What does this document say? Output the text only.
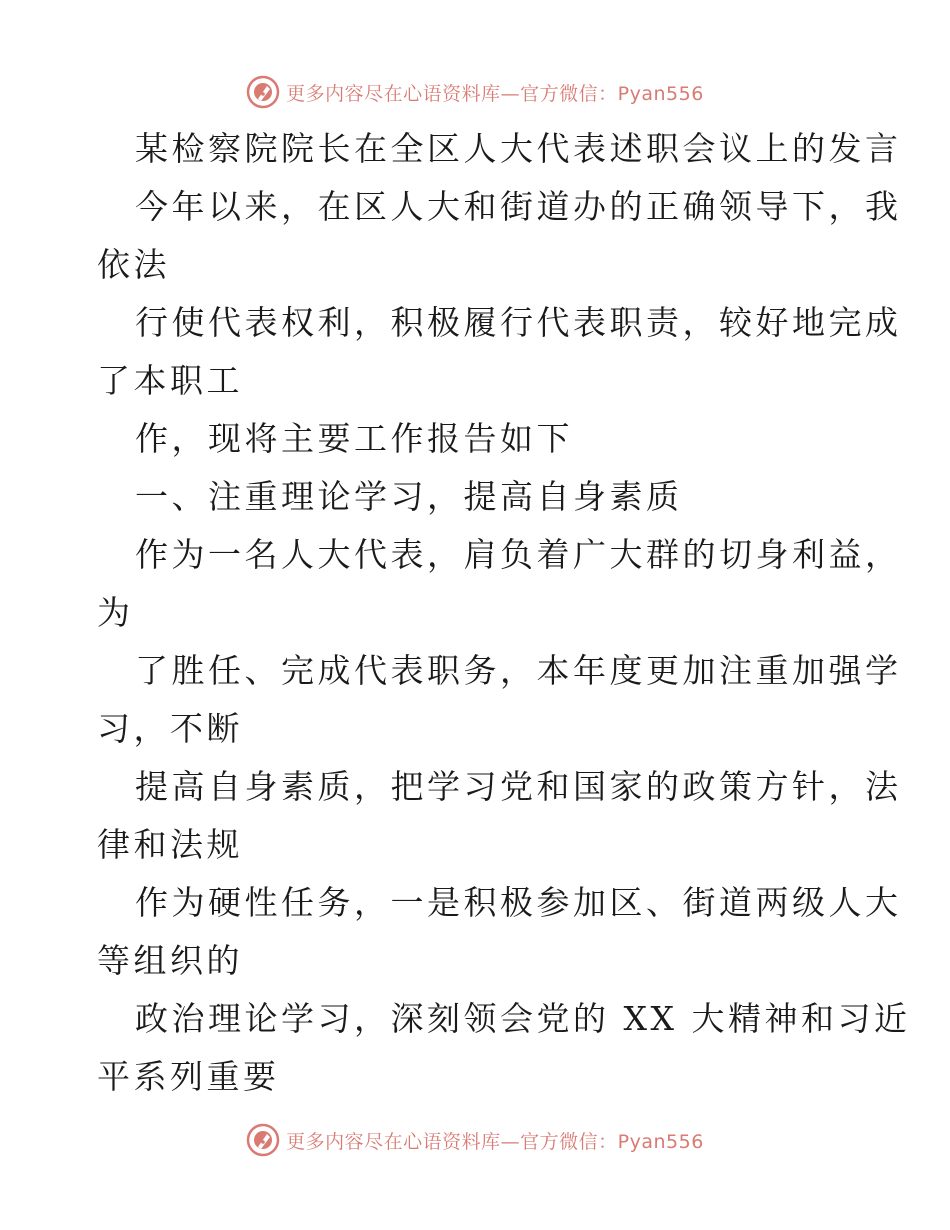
更多内容尽在心语资料库—官方微信：Pyan556
某检察院院长在全区人大代表述职会议上的发言
今年以来，在区人大和街道办的正确领导下，我
依法
行使代表权利，积极履行代表职责，较好地完成
了本职工
作，现将主要工作报告如下
一、注重理论学习，提高自身素质
作为一名人大代表，肩负着广大群的切身利益，
为
了胜任、完成代表职务，本年度更加注重加强学
习，不断
提高自身素质，把学习党和国家的政策方针，法
律和法规
作为硬性任务，一是积极参加区、街道两级人大
等组织的
政治理论学习，深刻领会党的 XX 大精神和习近
平系列重要
更多内容尽在心语资料库—官方微信：Pyan556
